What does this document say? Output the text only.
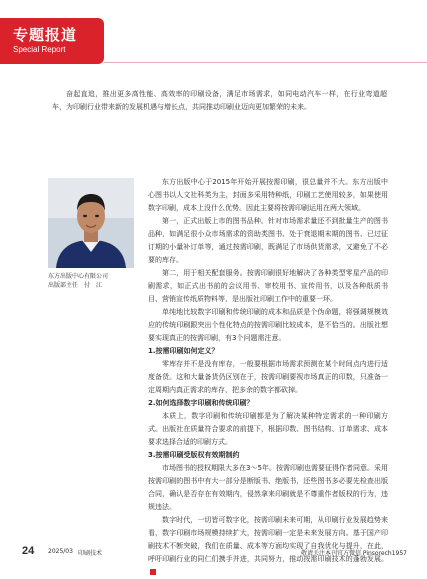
专题报道
Special Report

奋起直追，推出更多高性能、高效率的印刷设备，满足市场需求，如同电动汽车一样，在行业弯道超车，为印刷行业带来新的发展机遇与增长点，共同推动印刷业迈向更加繁荣的未来。

东方出版中心有限公司
出版部主任　付　江

东方出版中心于2015年开始开展按需印刷，很总量并不大。东方出版中心图书以人文社科类为主，封面多采用特种纸，印刷工艺使用较多，如果使用数字印刷，成本上没什么优势。因此主要将按需印刷运用在两大领域。

第一，正式出版上市的图书品种。针对市场需求量还不到批量生产的图书品种，如满足很小众市场需求的资助类图书、处于衰退期末期的图书、已过征订期的小量补订单等，通过按需印刷，既满足了市场供货需求，又避免了不必要的库存。

第二，用于相关配套服务。按需印刷很好地解决了各种类型零星产品的印刷需求，如正式出书前的会议用书、审校用书、宣传用书，以及各种纸质书目、营销宣传纸质物料等，是出版社印刷工作中的重要一环。

单纯地比较数字印刷和传统印刷的成本和品质是个伪命题，将强调规模效应的传统印刷跟突出个性化特点的按需印刷比较成本，是不恰当的。出版社想要实现真正的按需印刷，有3个问题需注意。

1.按需印刷如何定义？

零库存并不是没有库存，一般要根据市场需求预测在某个时间点内进行适度备货。这和大量备货仍区别在于，按需印刷要视市场真正的印数，只准备一定周期内真正需求的库存，把多余的数字都砍掉。

2.如何选择数字印刷和传统印刷？

本质上，数字印刷和传统印刷都是为了解决某种特定需求的一种印刷方式。出版社在质量符合要求的前提下，根据印数、图书结构、订单需求、成本要求选择合适的印刷方式。

3.按需印刷受版权有效期制约

市场图书的授权期限大多在3～5年。按需印刷也需要征得作者同意。采用按需印刷的图书中有大一部分是断版书、绝版书，还些图书多必要先检查出版合同，确认是否存在有效期内，侵然拿来印刷就是不尊重作者版权的行为，违规违法。

数字时代，一切皆可数字化，按需印刷未来可期，从印刷行业发展趋势来看，数字印刷市场规模持续扩大，按需印刷一定是未来发展方向。基于国产印刷技术不断突破，我们在质量、成本等方面均实现了自我优化与提升，在此，呼吁印刷行业的同仁们携手并进，共同努力，推动按需印刷技术的蓬勃发展。

24 2025/03 印刷技术	敬请关注本刊官方微信 Pinsorech1957
